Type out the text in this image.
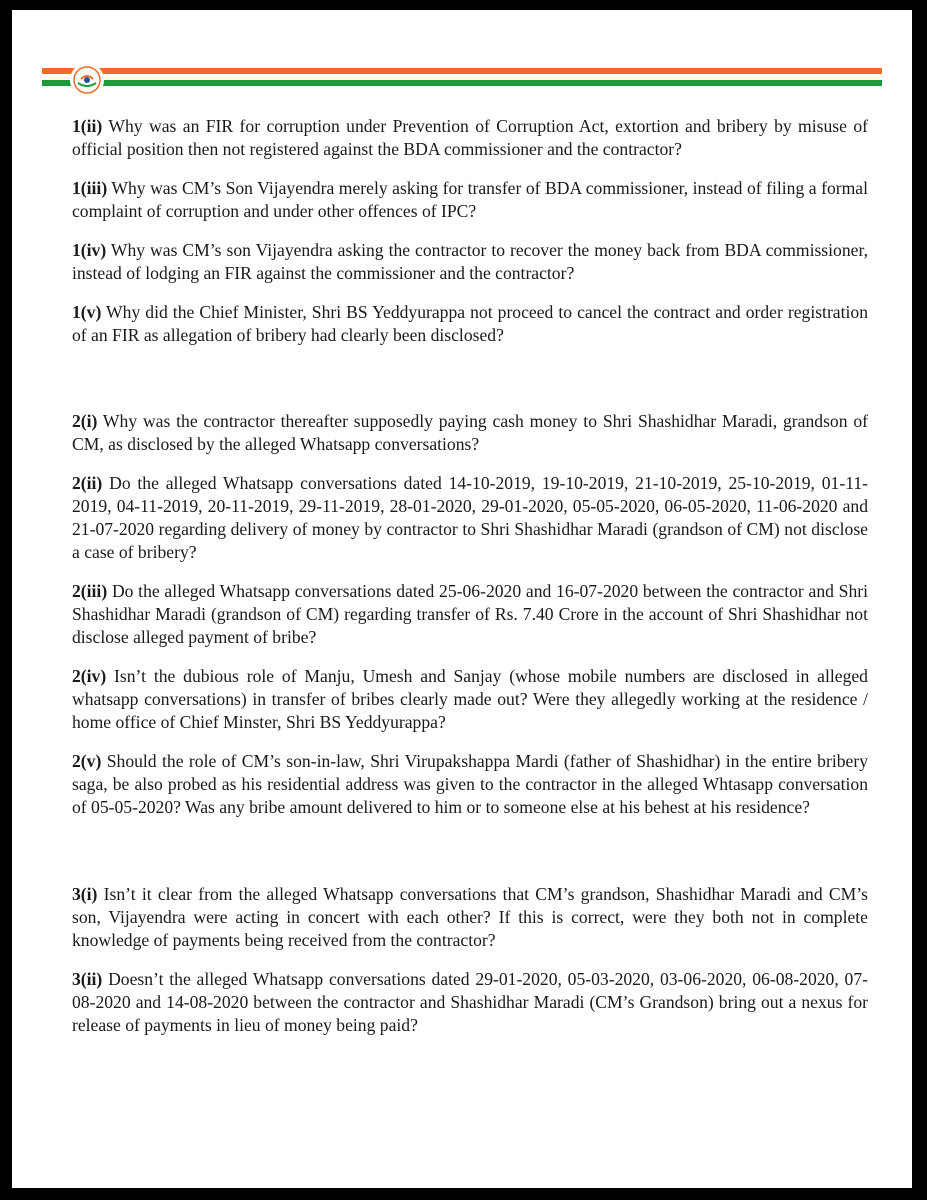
1(ii) Why was an FIR for corruption under Prevention of Corruption Act, extortion and bribery by misuse of official position then not registered against the BDA commissioner and the contractor?

1(iii) Why was CM’s Son Vijayendra merely asking for transfer of BDA commissioner, instead of filing a formal complaint of corruption and under other offences of IPC?

1(iv) Why was CM’s son Vijayendra asking the contractor to recover the money back from BDA commissioner, instead of lodging an FIR against the commissioner and the contractor?

1(v) Why did the Chief Minister, Shri BS Yeddyurappa not proceed to cancel the contract and order registration of an FIR as allegation of bribery had clearly been disclosed?

2(i) Why was the contractor thereafter supposedly paying cash money to Shri Shashidhar Maradi, grandson of CM, as disclosed by the alleged Whatsapp conversations?

2(ii) Do the alleged Whatsapp conversations dated 14-10-2019, 19-10-2019, 21-10-2019, 25-10-2019, 01-11-2019, 04-11-2019, 20-11-2019, 29-11-2019, 28-01-2020, 29-01-2020, 05-05-2020, 06-05-2020, 11-06-2020 and 21-07-2020 regarding delivery of money by contractor to Shri Shashidhar Maradi (grandson of CM) not disclose a case of bribery?

2(iii) Do the alleged Whatsapp conversations dated 25-06-2020 and 16-07-2020 between the contractor and Shri Shashidhar Maradi (grandson of CM) regarding transfer of Rs. 7.40 Crore in the account of Shri Shashidhar not disclose alleged payment of bribe?

2(iv) Isn’t the dubious role of Manju, Umesh and Sanjay (whose mobile numbers are disclosed in alleged whatsapp conversations) in transfer of bribes clearly made out? Were they allegedly working at the residence / home office of Chief Minster, Shri BS Yeddyurappa?

2(v) Should the role of CM’s son-in-law, Shri Virupakshappa Mardi (father of Shashidhar) in the entire bribery saga, be also probed as his residential address was given to the contractor in the alleged Whtasapp conversation of 05-05-2020? Was any bribe amount delivered to him or to someone else at his behest at his residence?

3(i) Isn’t it clear from the alleged Whatsapp conversations that CM’s grandson, Shashidhar Maradi and CM’s son, Vijayendra were acting in concert with each other? If this is correct, were they both not in complete knowledge of payments being received from the contractor?

3(ii) Doesn’t the alleged Whatsapp conversations dated 29-01-2020, 05-03-2020, 03-06-2020, 06-08-2020, 07-08-2020 and 14-08-2020 between the contractor and Shashidhar Maradi (CM’s Grandson) bring out a nexus for release of payments in lieu of money being paid?
